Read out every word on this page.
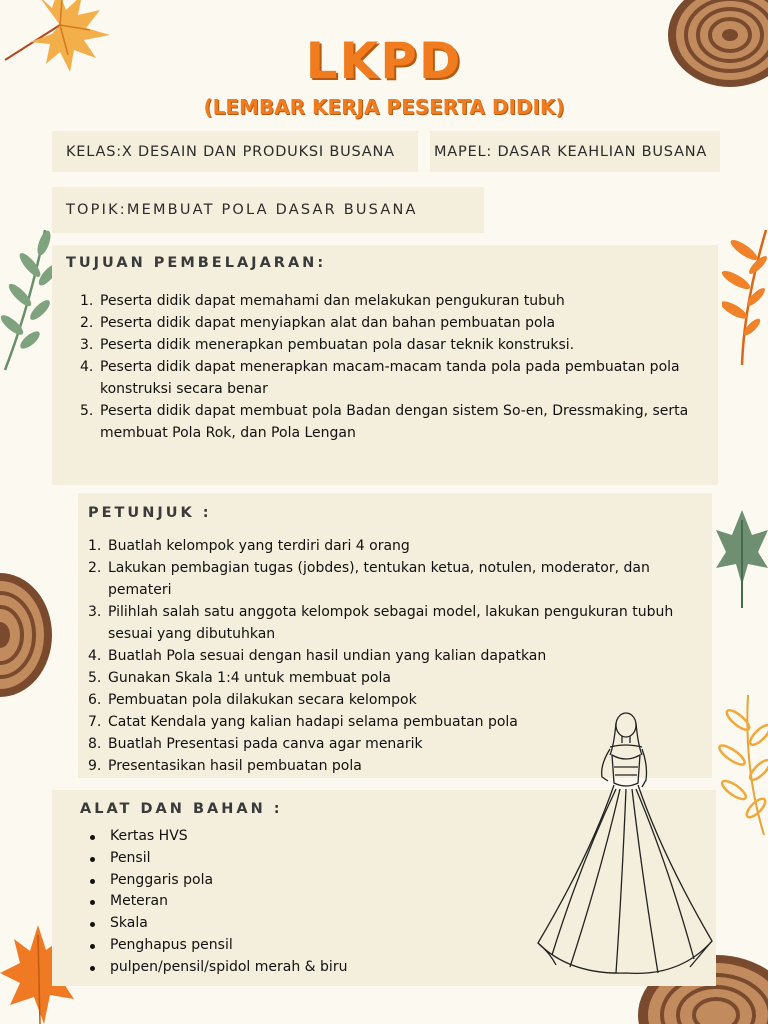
LKPD
(LEMBAR KERJA PESERTA DIDIK)
KELAS:X DESAIN DAN PRODUKSI BUSANA	MAPEL: DASAR KEAHLIAN BUSANA
TOPIK:MEMBUAT POLA DASAR BUSANA
TUJUAN PEMBELAJARAN:
1. Peserta didik dapat memahami dan melakukan pengukuran tubuh
2. Peserta didik dapat menyiapkan alat dan bahan pembuatan pola
3. Peserta didik menerapkan pembuatan pola dasar teknik konstruksi.
4. Peserta didik dapat menerapkan macam-macam tanda pola pada pembuatan pola konstruksi secara benar
5. Peserta didik dapat membuat pola Badan dengan sistem So-en, Dressmaking, serta membuat Pola Rok, dan Pola Lengan
PETUNJUK :
1. Buatlah kelompok yang terdiri dari 4 orang
2. Lakukan pembagian tugas (jobdes), tentukan ketua, notulen, moderator, dan pemateri
3. Pilihlah salah satu anggota kelompok sebagai model, lakukan pengukuran tubuh sesuai yang dibutuhkan
4. Buatlah Pola sesuai dengan hasil undian yang kalian dapatkan
5. Gunakan Skala 1:4 untuk membuat pola
6. Pembuatan pola dilakukan secara kelompok
7. Catat Kendala yang kalian hadapi selama pembuatan pola
8. Buatlah Presentasi pada canva agar menarik
9. Presentasikan hasil pembuatan pola
ALAT DAN BAHAN :
Kertas HVS
Pensil
Penggaris pola
Meteran
Skala
Penghapus pensil
pulpen/pensil/spidol merah & biru
